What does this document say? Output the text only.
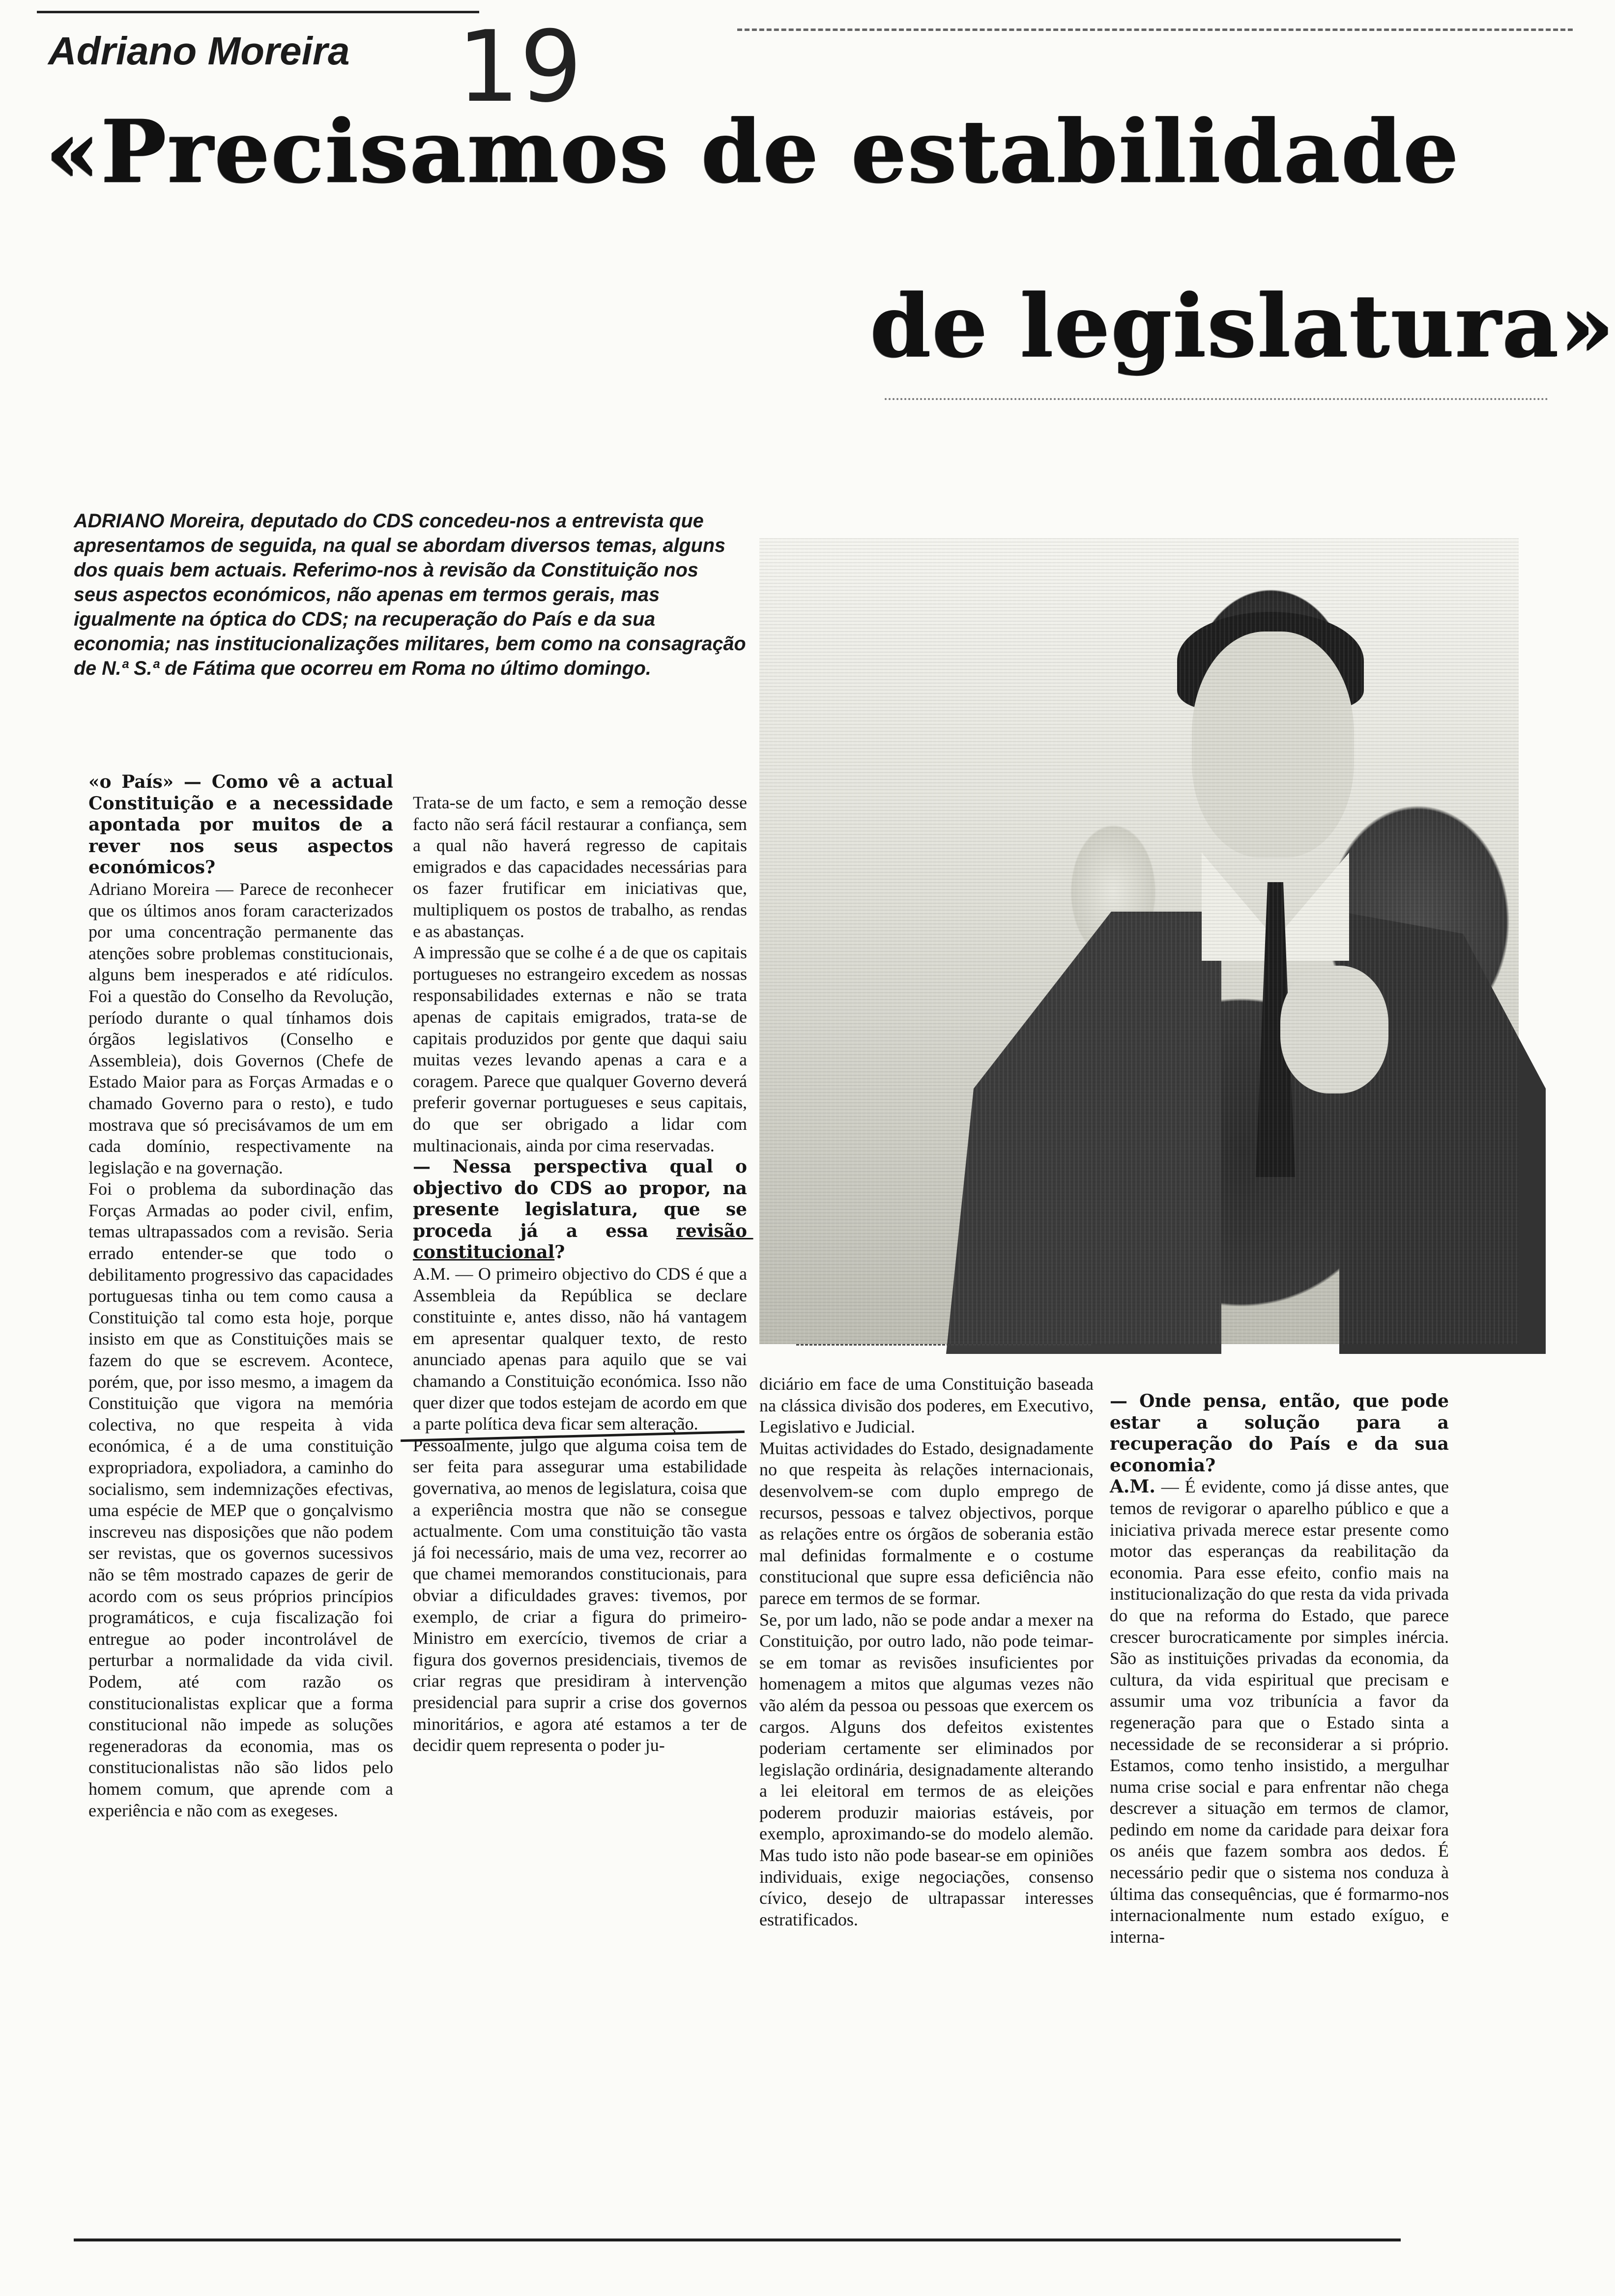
Adriano Moreira 19
«Precisamos de estabilidade
de legislatura»
ADRIANO Moreira, deputado do CDS concedeu-nos a entrevista que apresentamos de seguida, na qual se abordam diversos temas, alguns dos quais bem actuais. Referimo-nos à revisão da Constituição nos seus aspectos económicos, não apenas em termos gerais, mas igualmente na óptica do CDS; na recuperação do País e da sua economia; nas institucionalizações militares, bem como na consagração de N.ª S.ª de Fátima que ocorreu em Roma no último domingo.

«o País» — Como vê a actual Constituição e a necessidade apontada por muitos de a rever nos seus aspectos económicos?

Adriano Moreira — Parece de reconhecer que os últimos anos foram caracterizados por uma concentração permanente das atenções sobre problemas constitucionais, alguns bem inesperados e até ridículos. Foi a questão do Conselho da Revolução, período durante o qual tínhamos dois órgãos legislativos (Conselho e Assembleia), dois Governos (Chefe de Estado Maior para as Forças Armadas e o chamado Governo para o resto), e tudo mostrava que só precisávamos de um em cada domínio, respectivamente na legislação e na governação.

Foi o problema da subordinação das Forças Armadas ao poder civil, enfim, temas ultrapassados com a revisão. Seria errado entender-se que todo o debilitamento progressivo das capacidades portuguesas tinha ou tem como causa a Constituição tal como esta hoje, porque insisto em que as Constituições mais se fazem do que se escrevem. Acontece, porém, que, por isso mesmo, a imagem da Constituição que vigora na memória colectiva, no que respeita à vida económica, é a de uma constituição expropriadora, expoliadora, a caminho do socialismo, sem indemnizações efectivas, uma espécie de MEP que o gonçalvismo inscreveu nas disposições que não podem ser revistas, que os governos sucessivos não se têm mostrado capazes de gerir de acordo com os seus próprios princípios programáticos, e cuja fiscalização foi entregue ao poder incontrolável de perturbar a normalidade da vida civil. Podem, até com razão os constitucionalistas explicar que a forma constitucional não impede as soluções regeneradoras da economia, mas os constitucionalistas não são lidos pelo homem comum, que aprende com a experiência e não com as exegeses.

Trata-se de um facto, e sem a remoção desse facto não será fácil restaurar a confiança, sem a qual não haverá regresso de capitais emigrados e das capacidades necessárias para os fazer frutificar em iniciativas que, multipliquem os postos de trabalho, as rendas e as abastanças.

A impressão que se colhe é a de que os capitais portugueses no estrangeiro excedem as nossas responsabilidades externas e não se trata apenas de capitais emigrados, trata-se de capitais produzidos por gente que daqui saiu muitas vezes levando apenas a cara e a coragem. Parece que qualquer Governo deverá preferir governar portugueses e seus capitais, do que ser obrigado a lidar com multinacionais, ainda por cima reservadas.

— Nessa perspectiva qual o objectivo do CDS ao propor, na presente legislatura, que se proceda já a essa revisão constitucional?

A.M. — O primeiro objectivo do CDS é que a Assembleia da República se declare constituinte e, antes disso, não há vantagem em apresentar qualquer texto, de resto anunciado apenas para aquilo que se vai chamando a Constituição económica. Isso não quer dizer que todos estejam de acordo em que a parte política deva ficar sem alteração.

Pessoalmente, julgo que alguma coisa tem de ser feita para assegurar uma estabilidade governativa, ao menos de legislatura, coisa que a experiência mostra que não se consegue actualmente. Com uma constituição tão vasta já foi necessário, mais de uma vez, recorrer ao que chamei memorandos constitucionais, para obviar a dificuldades graves: tivemos, por exemplo, de criar a figura do primeiro-Ministro em exercício, tivemos de criar a figura dos governos presidenciais, tivemos de criar regras que presidiram à intervenção presidencial para suprir a crise dos governos minoritários, e agora até estamos a ter de decidir quem representa o poder ju-

diciário em face de uma Constituição baseada na clássica divisão dos poderes, em Executivo, Legislativo e Judicial.

Muitas actividades do Estado, designadamente no que respeita às relações internacionais, desenvolvem-se com duplo emprego de recursos, pessoas e talvez objectivos, porque as relações entre os órgãos de soberania estão mal definidas formalmente e o costume constitucional que supre essa deficiência não parece em termos de se formar.

Se, por um lado, não se pode andar a mexer na Constituição, por outro lado, não pode teimar-se em tomar as revisões insuficientes por homenagem a mitos que algumas vezes não vão além da pessoa ou pessoas que exercem os cargos. Alguns dos defeitos existentes poderiam certamente ser eliminados por legislação ordinária, designadamente alterando a lei eleitoral em termos de as eleições poderem produzir maiorias estáveis, por exemplo, aproximando-se do modelo alemão. Mas tudo isto não pode basear-se em opiniões individuais, exige negociações, consenso cívico, desejo de ultrapassar interesses estratificados.

— Onde pensa, então, que pode estar a solução para a recuperação do País e da sua economia?

A.M. — É evidente, como já disse antes, que temos de revigorar o aparelho público e que a iniciativa privada merece estar presente como motor das esperanças da reabilitação da economia. Para esse efeito, confio mais na institucionalização do que resta da vida privada do que na reforma do Estado, que parece crescer burocraticamente por simples inércia. São as instituições privadas da economia, da cultura, da vida espiritual que precisam e assumir uma voz tribunícia a favor da regeneração para que o Estado sinta a necessidade de se reconsiderar a si próprio. Estamos, como tenho insistido, a mergulhar numa crise social e para enfrentar não chega descrever a situação em termos de clamor, pedindo em nome da caridade para deixar fora os anéis que fazem sombra aos dedos. É necessário pedir que o sistema nos conduza à última das consequências, que é formarmo-nos internacionalmente num estado exíguo, e interna-
